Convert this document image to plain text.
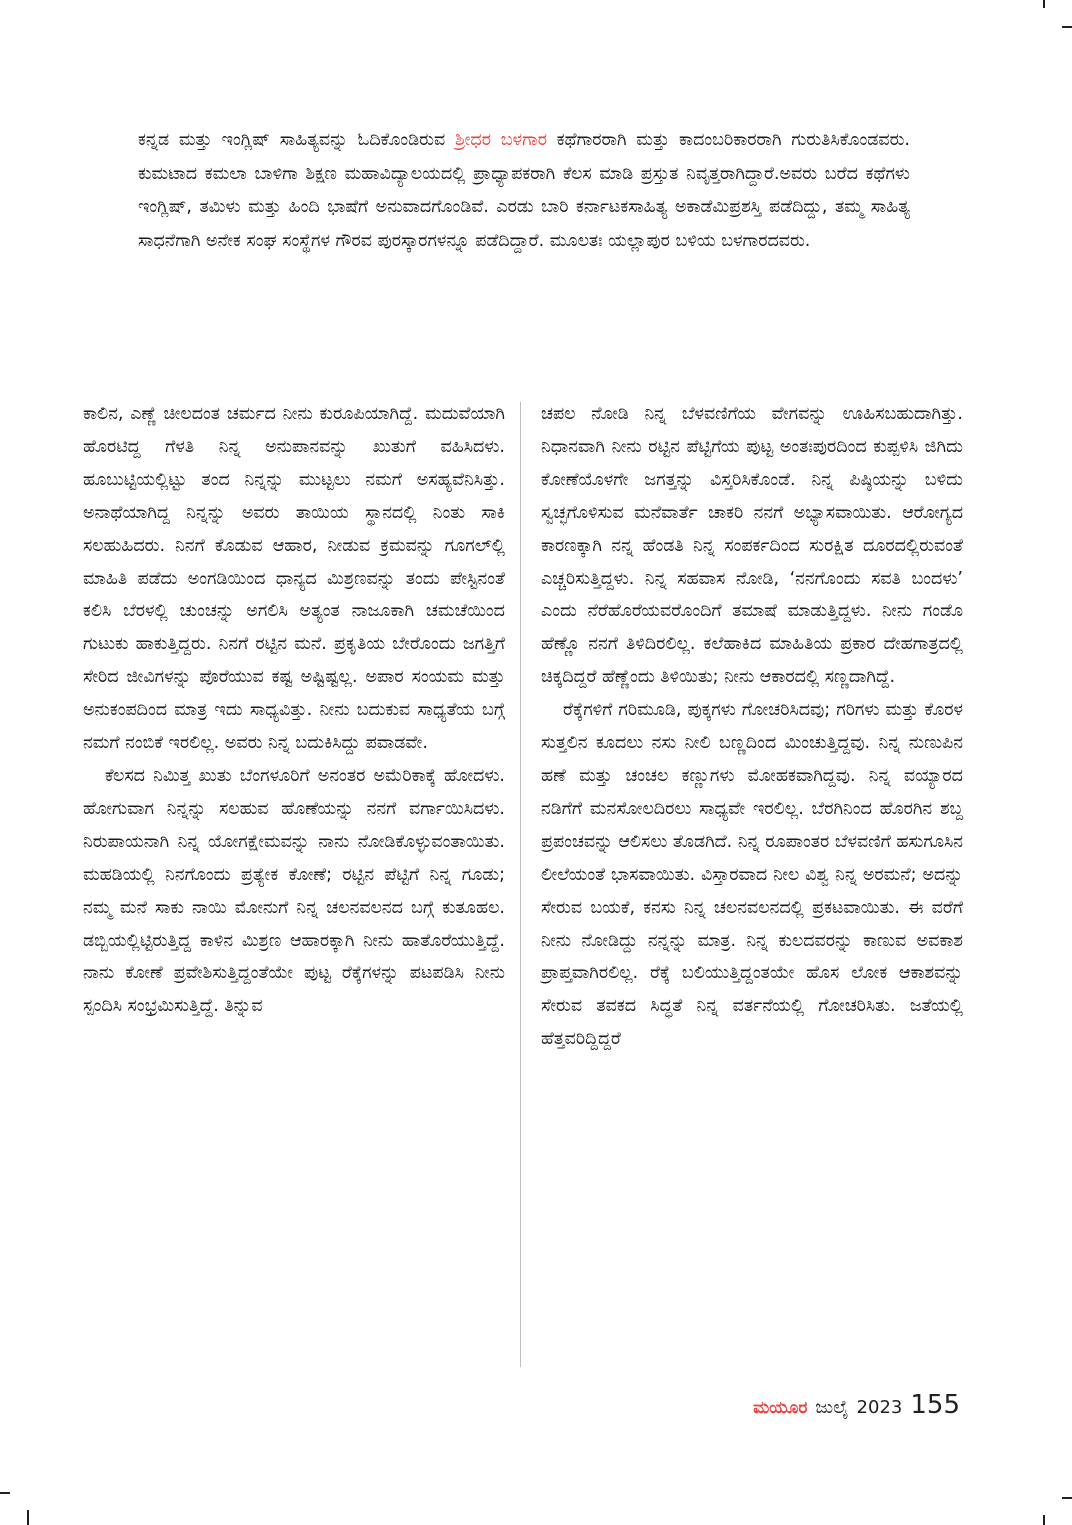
ಕನ್ನಡ ಮತ್ತು ಇಂಗ್ಲಿಷ್ ಸಾಹಿತ್ಯವನ್ನು ಓದಿಕೊಂಡಿರುವ ಶ್ರೀಧರ ಬಳಗಾರ ಕಥೆಗಾರರಾಗಿ ಮತ್ತು ಕಾದಂಬರಿಕಾರರಾಗಿ ಗುರುತಿಸಿಕೊಂಡವರು. ಕುಮಟಾದ ಕಮಲಾ ಬಾಳಿಗಾ ಶಿಕ್ಷಣ ಮಹಾವಿದ್ಯಾಲಯದಲ್ಲಿ ಪ್ರಾಧ್ಯಾಪಕರಾಗಿ ಕೆಲಸ ಮಾಡಿ ಪ್ರಸ್ತುತ ನಿವೃತ್ತರಾಗಿದ್ದಾರೆ.ಅವರು ಬರೆದ ಕಥೆಗಳು ಇಂಗ್ಲಿಷ್, ತಮಿಳು ಮತ್ತು ಹಿಂದಿ ಭಾಷೆಗೆ ಅನುವಾದಗೊಂಡಿವೆ. ಎರಡು ಬಾರಿ ಕರ್ನಾಟಕಸಾಹಿತ್ಯ ಅಕಾಡೆಮಿಪ್ರಶಸ್ತಿ ಪಡೆದಿದ್ದು, ತಮ್ಮ ಸಾಹಿತ್ಯ ಸಾಧನೆಗಾಗಿ ಅನೇಕ ಸಂಘ ಸಂಸ್ಥೆಗಳ ಗೌರವ ಪುರಸ್ಕಾರಗಳನ್ನೂ ಪಡೆದಿದ್ದಾರೆ. ಮೂಲತಃ ಯಲ್ಲಾಪುರ ಬಳಿಯ ಬಳಗಾರದವರು.

ಕಾಲಿನ, ಎಣ್ಣೆ ಚೀಲದಂತ ಚರ್ಮದ ನೀನು ಕುರೂಪಿಯಾಗಿದ್ದೆ. ಮದುವೆಯಾಗಿ ಹೊರಟಿದ್ದ ಗೆಳತಿ ನಿನ್ನ ಅನುಪಾನವನ್ನು ಖುತುಗೆ ವಹಿಸಿದಳು. ಹೂಬುಟ್ಟಿಯಲ್ಲಿಟ್ಟು ತಂದ ನಿನ್ನನ್ನು ಮುಟ್ಟಲು ನಮಗೆ ಅಸಹ್ಯವೆನಿಸಿತ್ತು. ಅನಾಥೆಯಾಗಿದ್ದ ನಿನ್ನನ್ನು ಅವರು ತಾಯಿಯ ಸ್ಥಾನದಲ್ಲಿ ನಿಂತು ಸಾಕಿ ಸಲಹುಹಿದರು. ನಿನಗೆ ಕೊಡುವ ಆಹಾರ, ನೀಡುವ ಕ್ರಮವನ್ನು ಗೂಗಲ್‌ಲ್ಲಿ ಮಾಹಿತಿ ಪಡೆದು ಅಂಗಡಿಯಿಂದ ಧಾನ್ಯದ ಮಿಶ್ರಣವನ್ನು ತಂದು ಪೇಸ್ಟಿನಂತೆ ಕಲಿಸಿ ಬೆರಳಲ್ಲಿ ಚುಂಚನ್ನು ಅಗಲಿಸಿ ಅತ್ಯಂತ ನಾಜೂಕಾಗಿ ಚಮಚೆಯಿಂದ ಗುಟುಕು ಹಾಕುತ್ತಿದ್ದರು. ನಿನಗೆ ರಟ್ಟಿನ ಮನೆ. ಪ್ರಕೃತಿಯ ಬೇರೊಂದು ಜಗತ್ತಿಗೆ ಸೇರಿದ ಜೀವಿಗಳನ್ನು ಪೊರೆಯುವ ಕಷ್ಟ ಅಷ್ಟಿಷ್ಟಲ್ಲ. ಅಪಾರ ಸಂಯಮ ಮತ್ತು ಅನುಕಂಪದಿಂದ ಮಾತ್ರ ಇದು ಸಾಧ್ಯವಿತ್ತು. ನೀನು ಬದುಕುವ ಸಾಧ್ಯತೆಯ ಬಗ್ಗೆ ನಮಗೆ ನಂಬಿಕೆ ಇರಲಿಲ್ಲ. ಅವರು ನಿನ್ನ ಬದುಕಿಸಿದ್ದು ಪವಾಡವೇ.

ಕೆಲಸದ ನಿಮಿತ್ತ ಖುತು ಬೆಂಗಳೂರಿಗೆ ಅನಂತರ ಅಮೆರಿಕಾಕ್ಕೆ ಹೋದಳು. ಹೋಗುವಾಗ ನಿನ್ನನ್ನು ಸಲಹುವ ಹೊಣೆಯನ್ನು ನನಗೆ ವರ್ಗಾಯಿಸಿದಳು. ನಿರುಪಾಯನಾಗಿ ನಿನ್ನ ಯೋಗಕ್ಷೇಮವನ್ನು ನಾನು ನೋಡಿಕೊಳ್ಳುವಂತಾಯಿತು. ಮಹಡಿಯಲ್ಲಿ ನಿನಗೊಂದು ಪ್ರತ್ಯೇಕ ಕೋಣೆ; ರಟ್ಟಿನ ಪೆಟ್ಟಿಗೆ ನಿನ್ನ ಗೂಡು; ನಮ್ಮ ಮನೆ ಸಾಕು ನಾಯಿ ಮೋನುಗೆ ನಿನ್ನ ಚಲನವಲನದ ಬಗ್ಗೆ ಕುತೂಹಲ. ಡಬ್ಬಿಯಲ್ಲಿಟ್ಟಿರುತ್ತಿದ್ದ ಕಾಳಿನ ಮಿಶ್ರಣ ಆಹಾರಕ್ಕಾಗಿ ನೀನು ಹಾತೊರೆಯುತ್ತಿದ್ದೆ. ನಾನು ಕೋಣೆ ಪ್ರವೇಶಿಸುತ್ತಿದ್ದಂತೆಯೇ ಪುಟ್ಟ ರೆಕ್ಕೆಗಳನ್ನು ಪಟಪಡಿಸಿ ನೀನು ಸ್ಪಂದಿಸಿ ಸಂಭ್ರಮಿಸುತ್ತಿದ್ದೆ. ತಿನ್ನುವ

ಚಪಲ ನೋಡಿ ನಿನ್ನ ಬೆಳವಣಿಗೆಯ ವೇಗವನ್ನು ಊಹಿಸಬಹುದಾಗಿತ್ತು. ನಿಧಾನವಾಗಿ ನೀನು ರಟ್ಟಿನ ಪೆಟ್ಟಿಗೆಯ ಪುಟ್ಟ ಅಂತಃಪುರದಿಂದ ಕುಪ್ಪಳಿಸಿ ಜಿಗಿದು ಕೋಣೆಯೊಳಗೇ ಜಗತ್ತನ್ನು ವಿಸ್ತರಿಸಿಕೊಂಡೆ. ನಿನ್ನ ಪಿಷ್ಠಿಯನ್ನು ಬಳಿದು ಸ್ವಚ್ಛಗೊಳಿಸುವ ಮನೆವಾರ್ತೆ ಚಾಕರಿ ನನಗೆ ಅಭ್ಯಾಸವಾಯಿತು. ಆರೋಗ್ಯದ ಕಾರಣಕ್ಕಾಗಿ ನನ್ನ ಹೆಂಡತಿ ನಿನ್ನ ಸಂಪರ್ಕದಿಂದ ಸುರಕ್ಷಿತ ದೂರದಲ್ಲಿರುವಂತೆ ಎಚ್ಚರಿಸುತ್ತಿದ್ದಳು. ನಿನ್ನ ಸಹವಾಸ ನೋಡಿ, ‘ನನಗೊಂದು ಸವತಿ ಬಂದಳು’ ಎಂದು ನೆರೆಹೊರೆಯವರೊಂದಿಗೆ ತಮಾಷೆ ಮಾಡುತ್ತಿದ್ದಳು. ನೀನು ಗಂಡೊ ಹೆಣ್ಣೊ ನನಗೆ ತಿಳಿದಿರಲಿಲ್ಲ. ಕಲೆಹಾಕಿದ ಮಾಹಿತಿಯ ಪ್ರಕಾರ ದೇಹಗಾತ್ರದಲ್ಲಿ ಚಿಕ್ಕದಿದ್ದರೆ ಹೆಣ್ಣೆಂದು ತಿಳಿಯಿತು; ನೀನು ಆಕಾರದಲ್ಲಿ ಸಣ್ಣದಾಗಿದ್ದೆ.

ರೆಕ್ಕೆಗಳಿಗೆ ಗರಿಮೂಡಿ, ಪುಕ್ಕಗಳು ಗೋಚರಿಸಿದವು; ಗರಿಗಳು ಮತ್ತು ಕೊರಳ ಸುತ್ತಲಿನ ಕೂದಲು ನಸು ನೀಲಿ ಬಣ್ಣದಿಂದ ಮಿಂಚುತ್ತಿದ್ದವು. ನಿನ್ನ ನುಣುಪಿನ ಹಣೆ ಮತ್ತು ಚಂಚಲ ಕಣ್ಣುಗಳು ಮೋಹಕವಾಗಿದ್ದವು. ನಿನ್ನ ವಯ್ಯಾರದ ನಡಿಗೆಗೆ ಮನಸೋಲದಿರಲು ಸಾಧ್ಯವೇ ಇರಲಿಲ್ಲ. ಬೆರಗಿನಿಂದ ಹೊರಗಿನ ಶಬ್ದ ಪ್ರಪಂಚವನ್ನು ಆಲಿಸಲು ತೊಡಗಿದೆ. ನಿನ್ನ ರೂಪಾಂತರ ಬೆಳವಣಿಗೆ ಹಸುಗೂಸಿನ ಲೀಲೆಯಂತೆ ಭಾಸವಾಯಿತು. ವಿಸ್ತಾರವಾದ ನೀಲ ವಿಶ್ವ ನಿನ್ನ ಅರಮನೆ; ಅದನ್ನು ಸೇರುವ ಬಯಕೆ, ಕನಸು ನಿನ್ನ ಚಲನವಲನದಲ್ಲಿ ಪ್ರಕಟವಾಯಿತು. ಈ ವರೆಗೆ ನೀನು ನೋಡಿದ್ದು ನನ್ನನ್ನು ಮಾತ್ರ. ನಿನ್ನ ಕುಲದವರನ್ನು ಕಾಣುವ ಅವಕಾಶ ಪ್ರಾಪ್ತವಾಗಿರಲಿಲ್ಲ. ರೆಕ್ಕೆ ಬಲಿಯುತ್ತಿದ್ದಂತಯೇ ಹೊಸ ಲೋಕ ಆಕಾಶವನ್ನು ಸೇರುವ ತವಕದ ಸಿದ್ಧತೆ ನಿನ್ನ ವರ್ತನೆಯಲ್ಲಿ ಗೋಚರಿಸಿತು. ಜತೆಯಲ್ಲಿ ಹೆತ್ತವರಿದ್ದಿದ್ದರೆ

ಮಯೂರ ಜುಲೈ 2023 155
